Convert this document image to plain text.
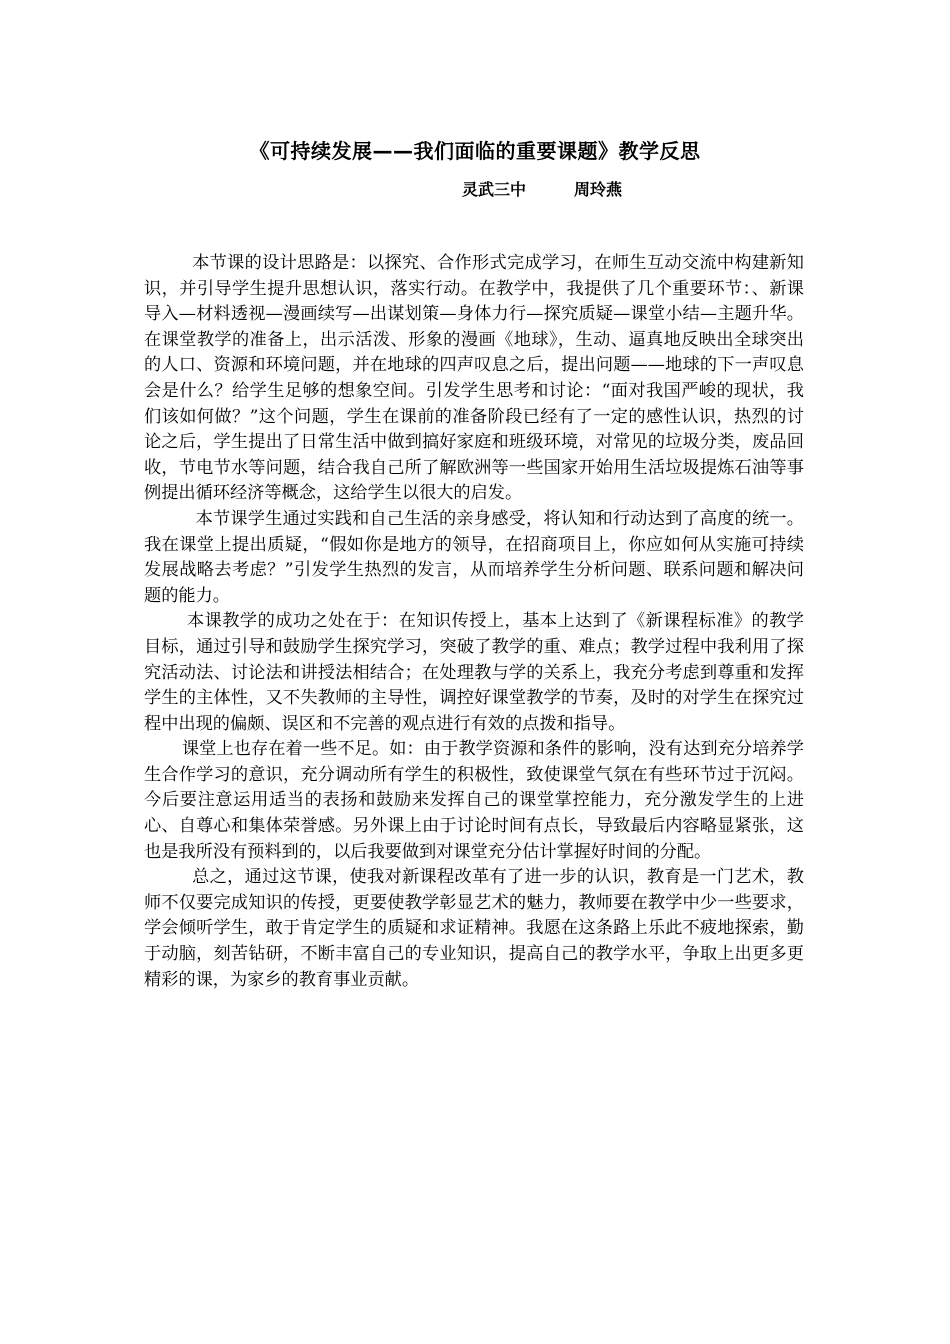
《可持续发展——我们面临的重要课题》教学反思
灵武三中	周玲燕

本节课的设计思路是：以探究、合作形式完成学习，在师生互动交流中构建新知识，并引导学生提升思想认识，落实行动。在教学中，我提供了几个重要环节：、新课导入—材料透视—漫画续写—出谋划策—身体力行—探究质疑—课堂小结—主题升华。在课堂教学的准备上，出示活泼、形象的漫画《地球》，生动、逼真地反映出全球突出的人口、资源和环境问题，并在地球的四声叹息之后，提出问题——地球的下一声叹息会是什么？给学生足够的想象空间。引发学生思考和讨论：“面对我国严峻的现状，我们该如何做？”这个问题，学生在课前的准备阶段已经有了一定的感性认识，热烈的讨论之后，学生提出了日常生活中做到搞好家庭和班级环境，对常见的垃圾分类，废品回收，节电节水等问题，结合我自己所了解欧洲等一些国家开始用生活垃圾提炼石油等事例提出循环经济等概念，这给学生以很大的启发。

本节课学生通过实践和自己生活的亲身感受，将认知和行动达到了高度的统一。我在课堂上提出质疑，“假如你是地方的领导，在招商项目上，你应如何从实施可持续发展战略去考虑？”引发学生热烈的发言，从而培养学生分析问题、联系问题和解决问题的能力。

本课教学的成功之处在于：在知识传授上，基本上达到了《新课程标准》的教学目标，通过引导和鼓励学生探究学习，突破了教学的重、难点；教学过程中我利用了探究活动法、讨论法和讲授法相结合；在处理教与学的关系上，我充分考虑到尊重和发挥学生的主体性，又不失教师的主导性，调控好课堂教学的节奏，及时的对学生在探究过程中出现的偏颇、误区和不完善的观点进行有效的点拨和指导。

课堂上也存在着一些不足。如：由于教学资源和条件的影响，没有达到充分培养学生合作学习的意识，充分调动所有学生的积极性，致使课堂气氛在有些环节过于沉闷。今后要注意运用适当的表扬和鼓励来发挥自己的课堂掌控能力，充分激发学生的上进心、自尊心和集体荣誉感。另外课上由于讨论时间有点长，导致最后内容略显紧张，这也是我所没有预料到的，以后我要做到对课堂充分估计掌握好时间的分配。

总之，通过这节课，使我对新课程改革有了进一步的认识，教育是一门艺术，教师不仅要完成知识的传授，更要使教学彰显艺术的魅力，教师要在教学中少一些要求，学会倾听学生，敢于肯定学生的质疑和求证精神。我愿在这条路上乐此不疲地探索，勤于动脑，刻苦钻研，不断丰富自己的专业知识，提高自己的教学水平，争取上出更多更精彩的课，为家乡的教育事业贡献。
